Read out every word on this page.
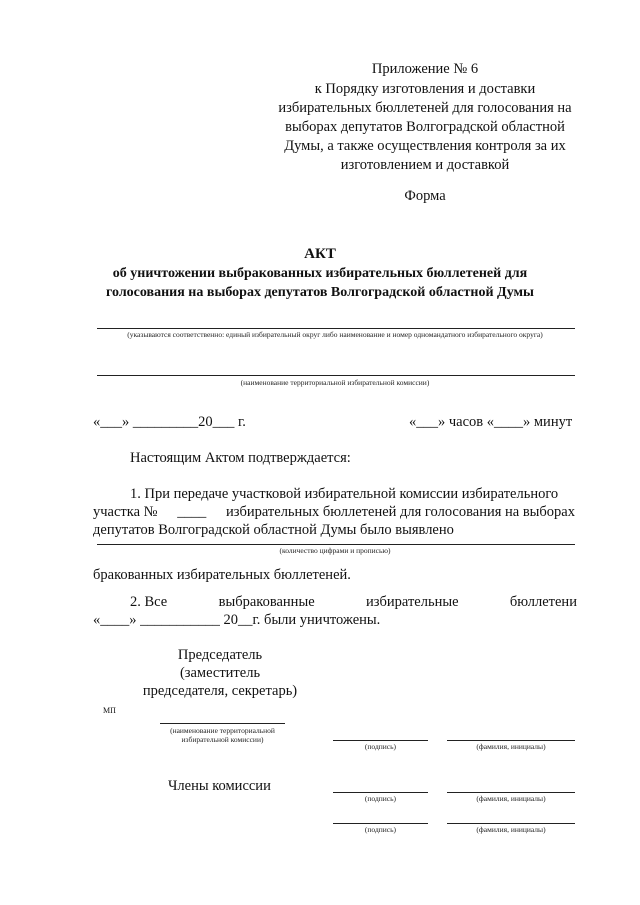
Приложение № 6
к Порядку изготовления и доставки
избирательных бюллетеней для голосования на
выборах депутатов Волгоградской областной
Думы, а также осуществления контроля за их
изготовлением и доставкой
Форма
АКТ
об уничтожении выбракованных избирательных бюллетеней для
голосования на выборах депутатов Волгоградской областной Думы
(указываются соответственно: единый избирательный округ либо наименование и номер одномандатного избирательного округа)
(наименование территориальной избирательной комиссии)
«___» _________20___ г.	«___» часов «____» минут
Настоящим Актом подтверждается:
1. При передаче участковой избирательной комиссии избирательного
участка № ____ избирательных бюллетеней для голосования на выборах
депутатов Волгоградской областной Думы было выявлено
(количество цифрами и прописью)
бракованных избирательных бюллетеней.
2. Все	выбракованные	избирательные	бюллетени
«____» ___________ 20__г. были уничтожены.
Председатель
(заместитель
председателя, секретарь)
МП
(наименование территориальной
избирательной комиссии)
(подпись)	(фамилия, инициалы)
Члены комиссии
(подпись)	(фамилия, инициалы)
(подпись)	(фамилия, инициалы)
